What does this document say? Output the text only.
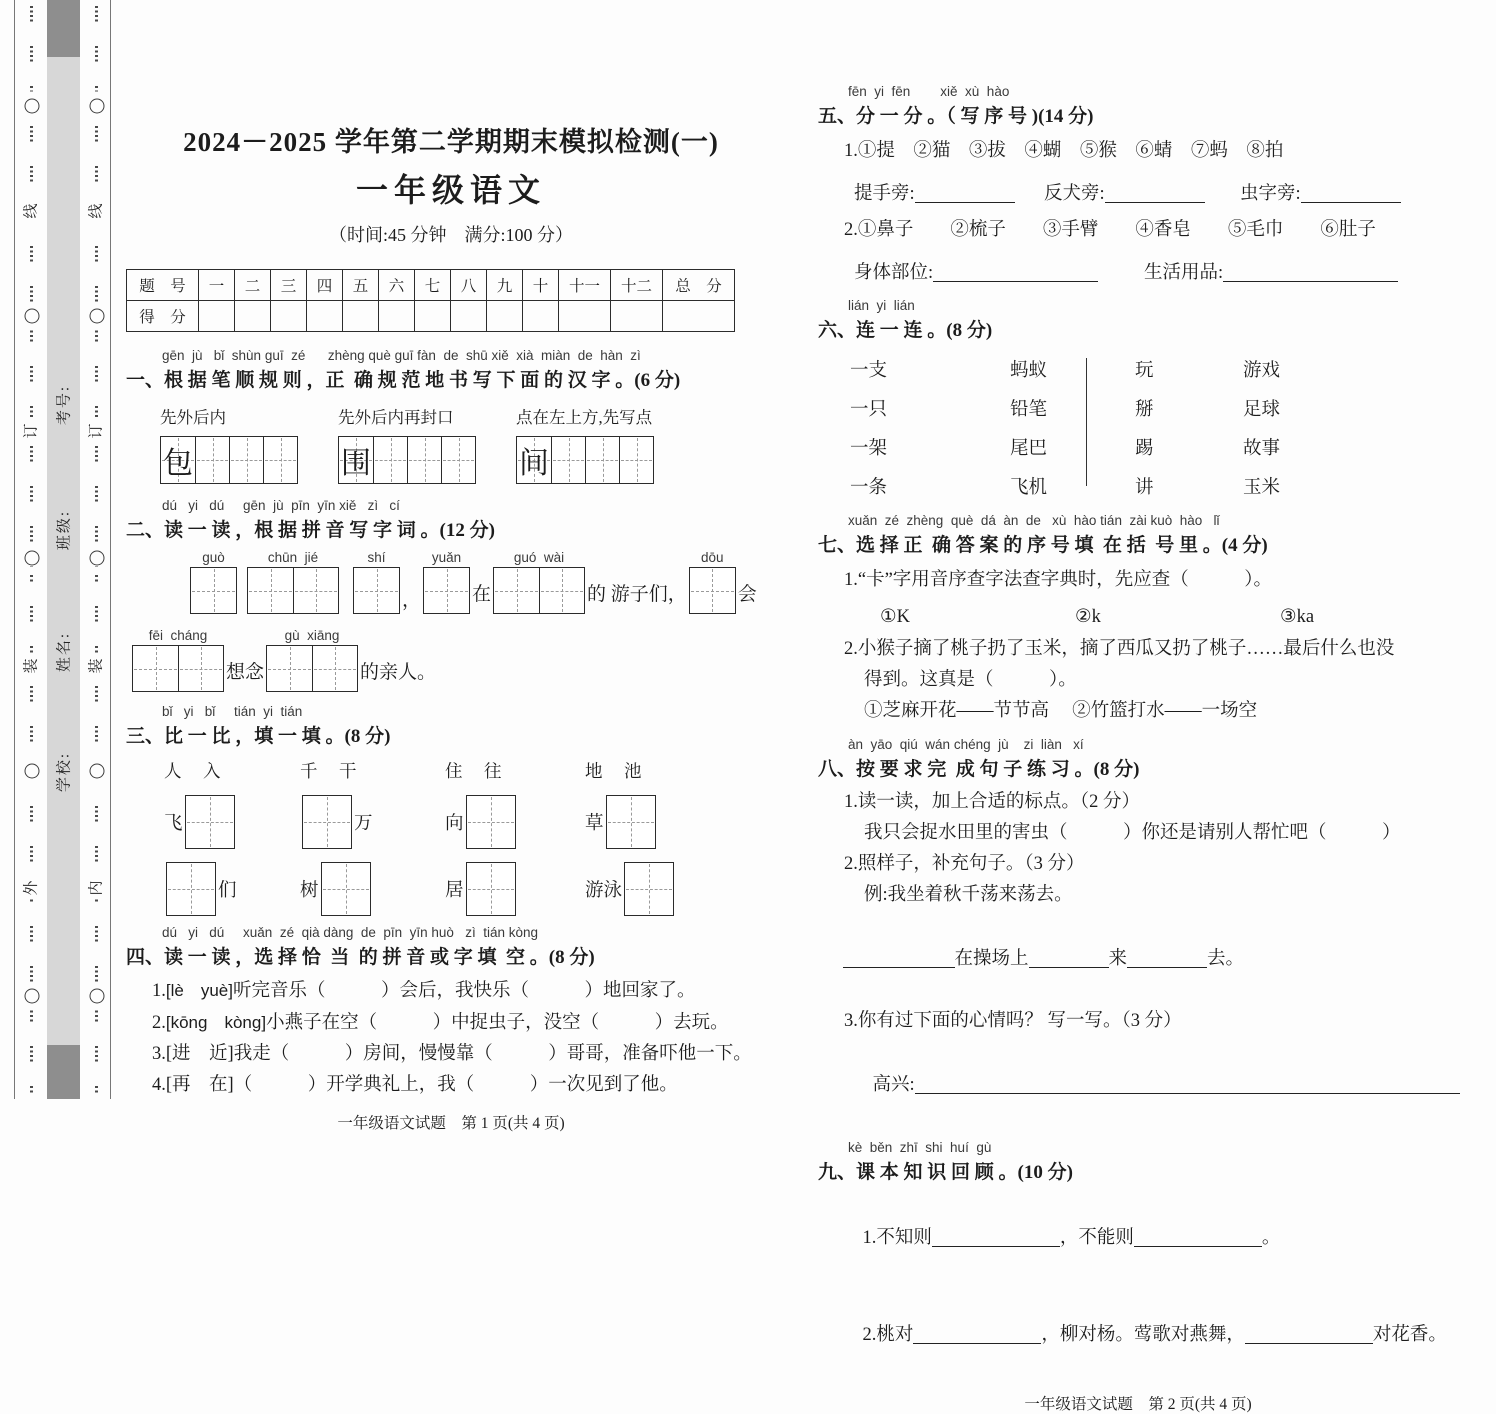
考号:
班级:
姓名:
学校:
线
订
装
外
线
订
装
内
2024－2025 学年第二学期期末模拟检测(一)
一年级语文
（时间:45 分钟　满分:100 分）
题　号	一	二	三	四	五	六	七	八	九	十	十一	十二	总　分
得　分													
gēn  jù   bǐ  shùn guī  zé      zhèng què guī fàn  de  shū xiě  xià  miàn  de  hàn  zì
一、根 据 笔 顺 规 则 ，正  确 规 范 地 书 写 下 面 的 汉 字 。(6 分)
先外后内
包
先外后内再封口
围
点在左上方,先写点
间
dú   yi   dú     gēn  jù  pīn  yīn xiě   zì   cí
二、读 一 读 ，根 据 拼 音 写 字 词 。(12 分)
guò	chūn  jié	shí
，
yuǎn
在
guó  wài
的 游子们，
dōu
会
fēi  cháng
想念
gù  xiāng
的亲人。
bǐ   yi   bǐ     tián  yi  tián
三、比 一 比 ，填 一 填 。(8 分)
人　入
飞
们
千　干
万
树
住　往
向
居
地　池
草
游泳
dú   yi   dú     xuǎn  zé  qià dàng  de  pīn  yīn huò   zì  tián kòng
四、读 一 读 ，选 择 恰  当  的 拼 音 或 字 填  空 。(8 分)
1.[lè　yuè]听完音乐（　　　）会后，我快乐（　　　）地回家了。
2.[kōng　kòng]小燕子在空（　　　）中捉虫子，没空（　　　）去玩。
3.[进　近]我走（　　　）房间，慢慢靠（　　　）哥哥，准备吓他一下。
4.[再　在]（　　　）开学典礼上，我（　　　）一次见到了他。
一年级语文试题　第 1 页(共 4 页)
fēn  yi  fēn        xiě  xù  hào
五、分 一 分 。（ 写 序 号 )(14 分)
1.①提　②猫　③拔　④蝴　⑤猴　⑥蜻　⑦蚂　⑧拍
提手旁:	反犬旁:	虫字旁:
2.①鼻子　　②梳子　　③手臂　　④香皂　　⑤毛巾　　⑥肚子
身体部位:	生活用品:
lián  yi  lián
六、连 一 连 。(8 分)
一支	蚂蚁	玩	游戏
一只	铅笔	掰	足球
一架	尾巴	踢	故事
一条	飞机	讲	玉米
xuǎn  zé  zhèng  què  dá  àn  de   xù  hào tián  zài kuò  hào   lǐ
七、选 择 正  确 答 案 的 序 号 填  在 括  号 里 。(4 分)
1.“卡”字用音序查字法查字典时，先应查（　　　）。
①K	②k	③ka
2.小猴子摘了桃子扔了玉米，摘了西瓜又扔了桃子……最后什么也没
得到。这真是（　　　）。
①芝麻开花——节节高　 ②竹篮打水——一场空
àn  yāo  qiú  wán chéng  jù    zi  liàn   xí
八、按 要 求 完  成 句 子 练 习 。(8 分)
1.读一读，加上合适的标点。（2 分）
我只会捉水田里的害虫（　　　）你还是请别人帮忙吧（　　　）
2.照样子，补充句子。（3 分）
例:我坐着秋千荡来荡去。

在操场上	来	去。

3.你有过下面的心情吗？ 写一写。（3 分）

高兴:

kè  běn  zhī  shi  huí  gù
九、课 本 知 识 回 顾 。(10 分)

1.不知则	，不能则	。

2.桃对	，柳对杨。莺歌对燕舞，	对花香。

一年级语文试题　第 2 页(共 4 页)
